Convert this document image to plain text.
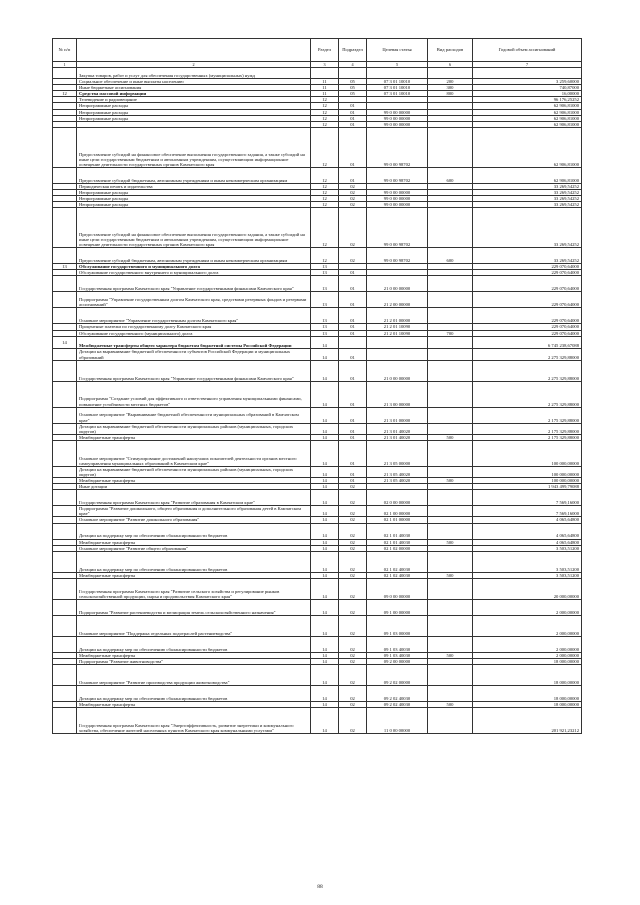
№ п/п		Раздел	Подраздел	Целевая статья	Вид расходов	Годовой объем ассигнований
1	2	3	4	5	6	7
	Закупка товаров, работ и услуг для обеспечения государственных (муниципальных) нужд					
	Социальное обеспечение и иные выплаты населению	11	05	07 3 01 10010	200	3 259,60000
	Иные бюджетные ассигнования	11	05	07 3 01 10010	300	740,87000
12	Средства массовой информации	11	05	07 3 01 10010	800	16,00000
	Телевидение и радиовещание	12				96 176,25252
	Непрограммные расходы	12	01			62 906,81000
	Непрограммные расходы	12	01	99 0 00 00000		62 906,81000
	Непрограммные расходы	12	01	99 0 00 00000		62 906,81000
		12	01	99 0 00 00000		62 906,81000
	Предоставление субсидий на финансовое обеспечение выполнения государственного задания, а также субсидий на иные цели государственным бюджетным и автономным учреждениям, осуществляющим информационное освещение деятельности государственных органов Камчатского края	12	01	99 0 00 98702		62 906,81000
	Предоставление субсидий бюджетным, автономным учреждениям и иным некоммерческим организациям	12	01	99 0 00 98702	600	62 906,81000
	Периодическая печать и издательства	12	02			33 269,54252
	Непрограммные расходы	12	02	99 0 00 00000		33 269,54252
	Непрограммные расходы	12	02	99 0 00 00000		33 269,54252
	Непрограммные расходы	12	02	99 0 00 00000		33 269,54252
	Предоставление субсидий на финансовое обеспечение выполнения государственного задания, а также субсидий на иные цели государственным бюджетным и автономным учреждениям, осуществляющим информационное освещение деятельности государственных органов Камчатского края	12	02	99 0 00 98702		33 269,54252
	Предоставление субсидий бюджетным, автономным учреждениям и иным некоммерческим организациям	12	02	99 0 00 98702	600	33 269,54252
13	Обслуживание государственного и муниципального долга	13				229 070,64000
	Обслуживание государственного внутреннего и муниципального долга	13	01			229 070,64000
	Государственная программа Камчатского края "Управление государственными финансами Камчатского края"	13	01	21 0 00 00000		229 070,64000
	Подпрограмма "Управление государственным долгом Камчатского края, средствами резервных фондов и резервами ассигнований"	13	01	21 2 00 00000		229 070,64000
	Основное мероприятие "Управление государственным долгом Камчатского края"	13	01	21 2 01 00000		229 070,64000
	Процентные платежи по государственному долгу Камчатского края	13	01	21 2 01 10090		229 070,64000
	Обслуживание государственного (муниципального) долга	13	01	21 2 01 10090	700	229 070,64000
14	Межбюджетные трансферты общего характера бюджетам бюджетной системы Российской Федерации	14				6 745 238,67088
	Дотации на выравнивание бюджетной обеспеченности субъектов Российской Федерации и муниципальных образований	14	01			2 275 329,88000
	Государственная программа Камчатского края "Управление государственными финансами Камчатского края"	14	01	21 0 00 00000		2 275 329,88000
	Подпрограмма "Создание условий для эффективного и ответственного управления муниципальными финансами, повышение устойчивости местных бюджетов"	14	01	21 3 00 00000		2 275 329,88000
	Основное мероприятие "Выравнивание бюджетной обеспеченности муниципальных образований в Камчатском крае"	14	01	21 3 01 00000		2 175 329,88000
	Дотации на выравнивание бюджетной обеспеченности муниципальных районов (муниципальных, городских округов)	14	01	21 3 01 40020		2 175 329,88000
	Межбюджетные трансферты	14	01	21 3 01 40020	500	2 175 329,88000
	Основное мероприятие "Стимулирование достижений наилучших показателей деятельности органов местного самоуправления муниципальных образований в Камчатском крае"	14	01	21 3 05 00000		100 000,00000
	Дотации на выравнивание бюджетной обеспеченности муниципальных районов (муниципальных, городских округов)	14	01	21 3 05 40020		100 000,00000
	Межбюджетные трансферты	14	01	21 3 05 40020	500	100 000,00000
	Иные дотации	14	02			1 943 499,79088
	Государственная программа Камчатского края "Развитие образования в Камчатском крае"	14	02	02 0 00 00000		7 569,16000
	Подпрограмма "Развитие дошкольного, общего образования и дополнительного образования детей в Камчатском крае"	14	02	02 1 00 00000		7 569,16000
	Основное мероприятие "Развитие дошкольного образования"	14	02	02 1 01 00000		4 065,64800
	Дотации на поддержку мер по обеспечению сбалансированности бюджетов	14	02	02 1 01 40030		4 065,64800
	Межбюджетные трансферты	14	02	02 1 01 40030	500	4 065,64800
	Основное мероприятие "Развитие общего образования"	14	02	02 1 02 00000		3 503,51200
	Дотации на поддержку мер по обеспечению сбалансированности бюджетов	14	02	02 1 02 40030		3 503,51200
	Межбюджетные трансферты	14	02	02 1 02 40030	500	3 503,51200
	Государственная программа Камчатского края "Развитие сельского хозяйства и регулирование рынков сельскохозяйственной продукции, сырья и продовольствия Камчатского края"	14	02	09 0 00 00000		20 000,00000
	Подпрограмма "Развитие растениеводства и мелиорация земель сельскохозяйственного назначения"	14	02	09 1 00 00000		2 000,00000
	Основное мероприятие "Поддержка отдельных подотраслей растениеводства"	14	02	09 1 03 00000		2 000,00000
	Дотации на поддержку мер по обеспечению сбалансированности бюджетов	14	02	09 1 03 40030		2 000,00000
	Межбюджетные трансферты	14	02	09 1 03 40030	500	2 000,00000
	Подпрограмма "Развитие животноводства"	14	02	09 2 00 00000		18 000,00000
	Основное мероприятие "Развитие производства продукции животноводства"	14	02	09 2 02 00000		18 000,00000
	Дотации на поддержку мер по обеспечению сбалансированности бюджетов	14	02	09 2 02 40030		18 000,00000
	Межбюджетные трансферты	14	02	09 2 02 40030	500	18 000,00000
	Государственная программа Камчатского края "Энергоэффективность, развитие энергетики и коммунального хозяйства, обеспечение жителей населенных пунктов Камчатского края коммунальными услугами"	14	02	11 0 00 00000		201 921,23212
88
